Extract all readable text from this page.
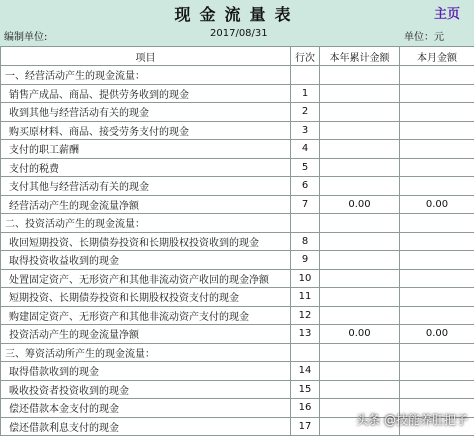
现金流量表	主页
编制单位:	2017/08/31	单位：元
项目	行次	本年累计金额	本月金额
一、经营活动产生的现金流量：			
销售产成品、商品、提供劳务收到的现金	1		
收到其他与经营活动有关的现金	2		
购买原材料、商品、接受劳务支付的现金	3		
支付的职工薪酬	4		
支付的税费	5		
支付其他与经营活动有关的现金	6		
经营活动产生的现金流量净额	7	0.00	0.00
二、投资活动产生的现金流量：			
收回短期投资、长期债券投资和长期股权投资收到的现金	8		
取得投资收益收到的现金	9		
处置固定资产、无形资产和其他非流动资产收回的现金净额	10		
短期投资、长期债券投资和长期股权投资支付的现金	11		
购建固定资产、无形资产和其他非流动资产支付的现金	12		
投资活动产生的现金流量净额	13	0.00	0.00
三、筹资活动所产生的现金流量：			
取得借款收到的现金	14		
吸收投资者投资收到的现金	15		
偿还借款本金支付的现金	16		
偿还借款利息支付的现金	17			头条 @技能养肛把子
